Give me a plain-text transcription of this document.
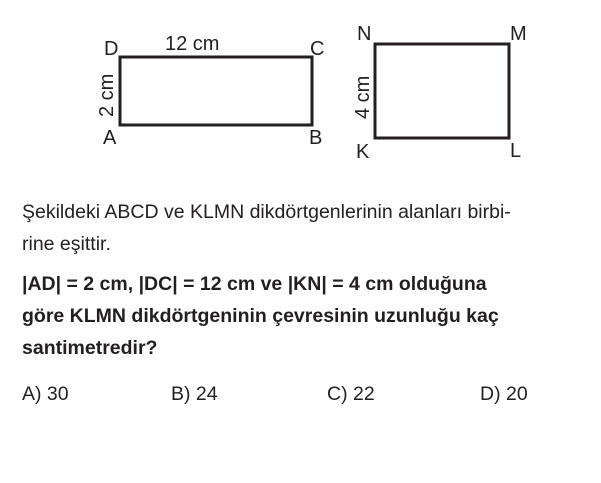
D	C
A	B
12 cm
2 cm
N	M
K	L
4 cm

Şekildeki ABCD ve KLMN dikdörtgenlerinin alanları birbi-
rine eşittir.

|AD| = 2 cm, |DC| = 12 cm ve |KN| = 4 cm olduğuna
göre KLMN dikdörtgeninin çevresinin uzunluğu kaç
santimetredir?

A) 30	B) 24	C) 22	D) 20
